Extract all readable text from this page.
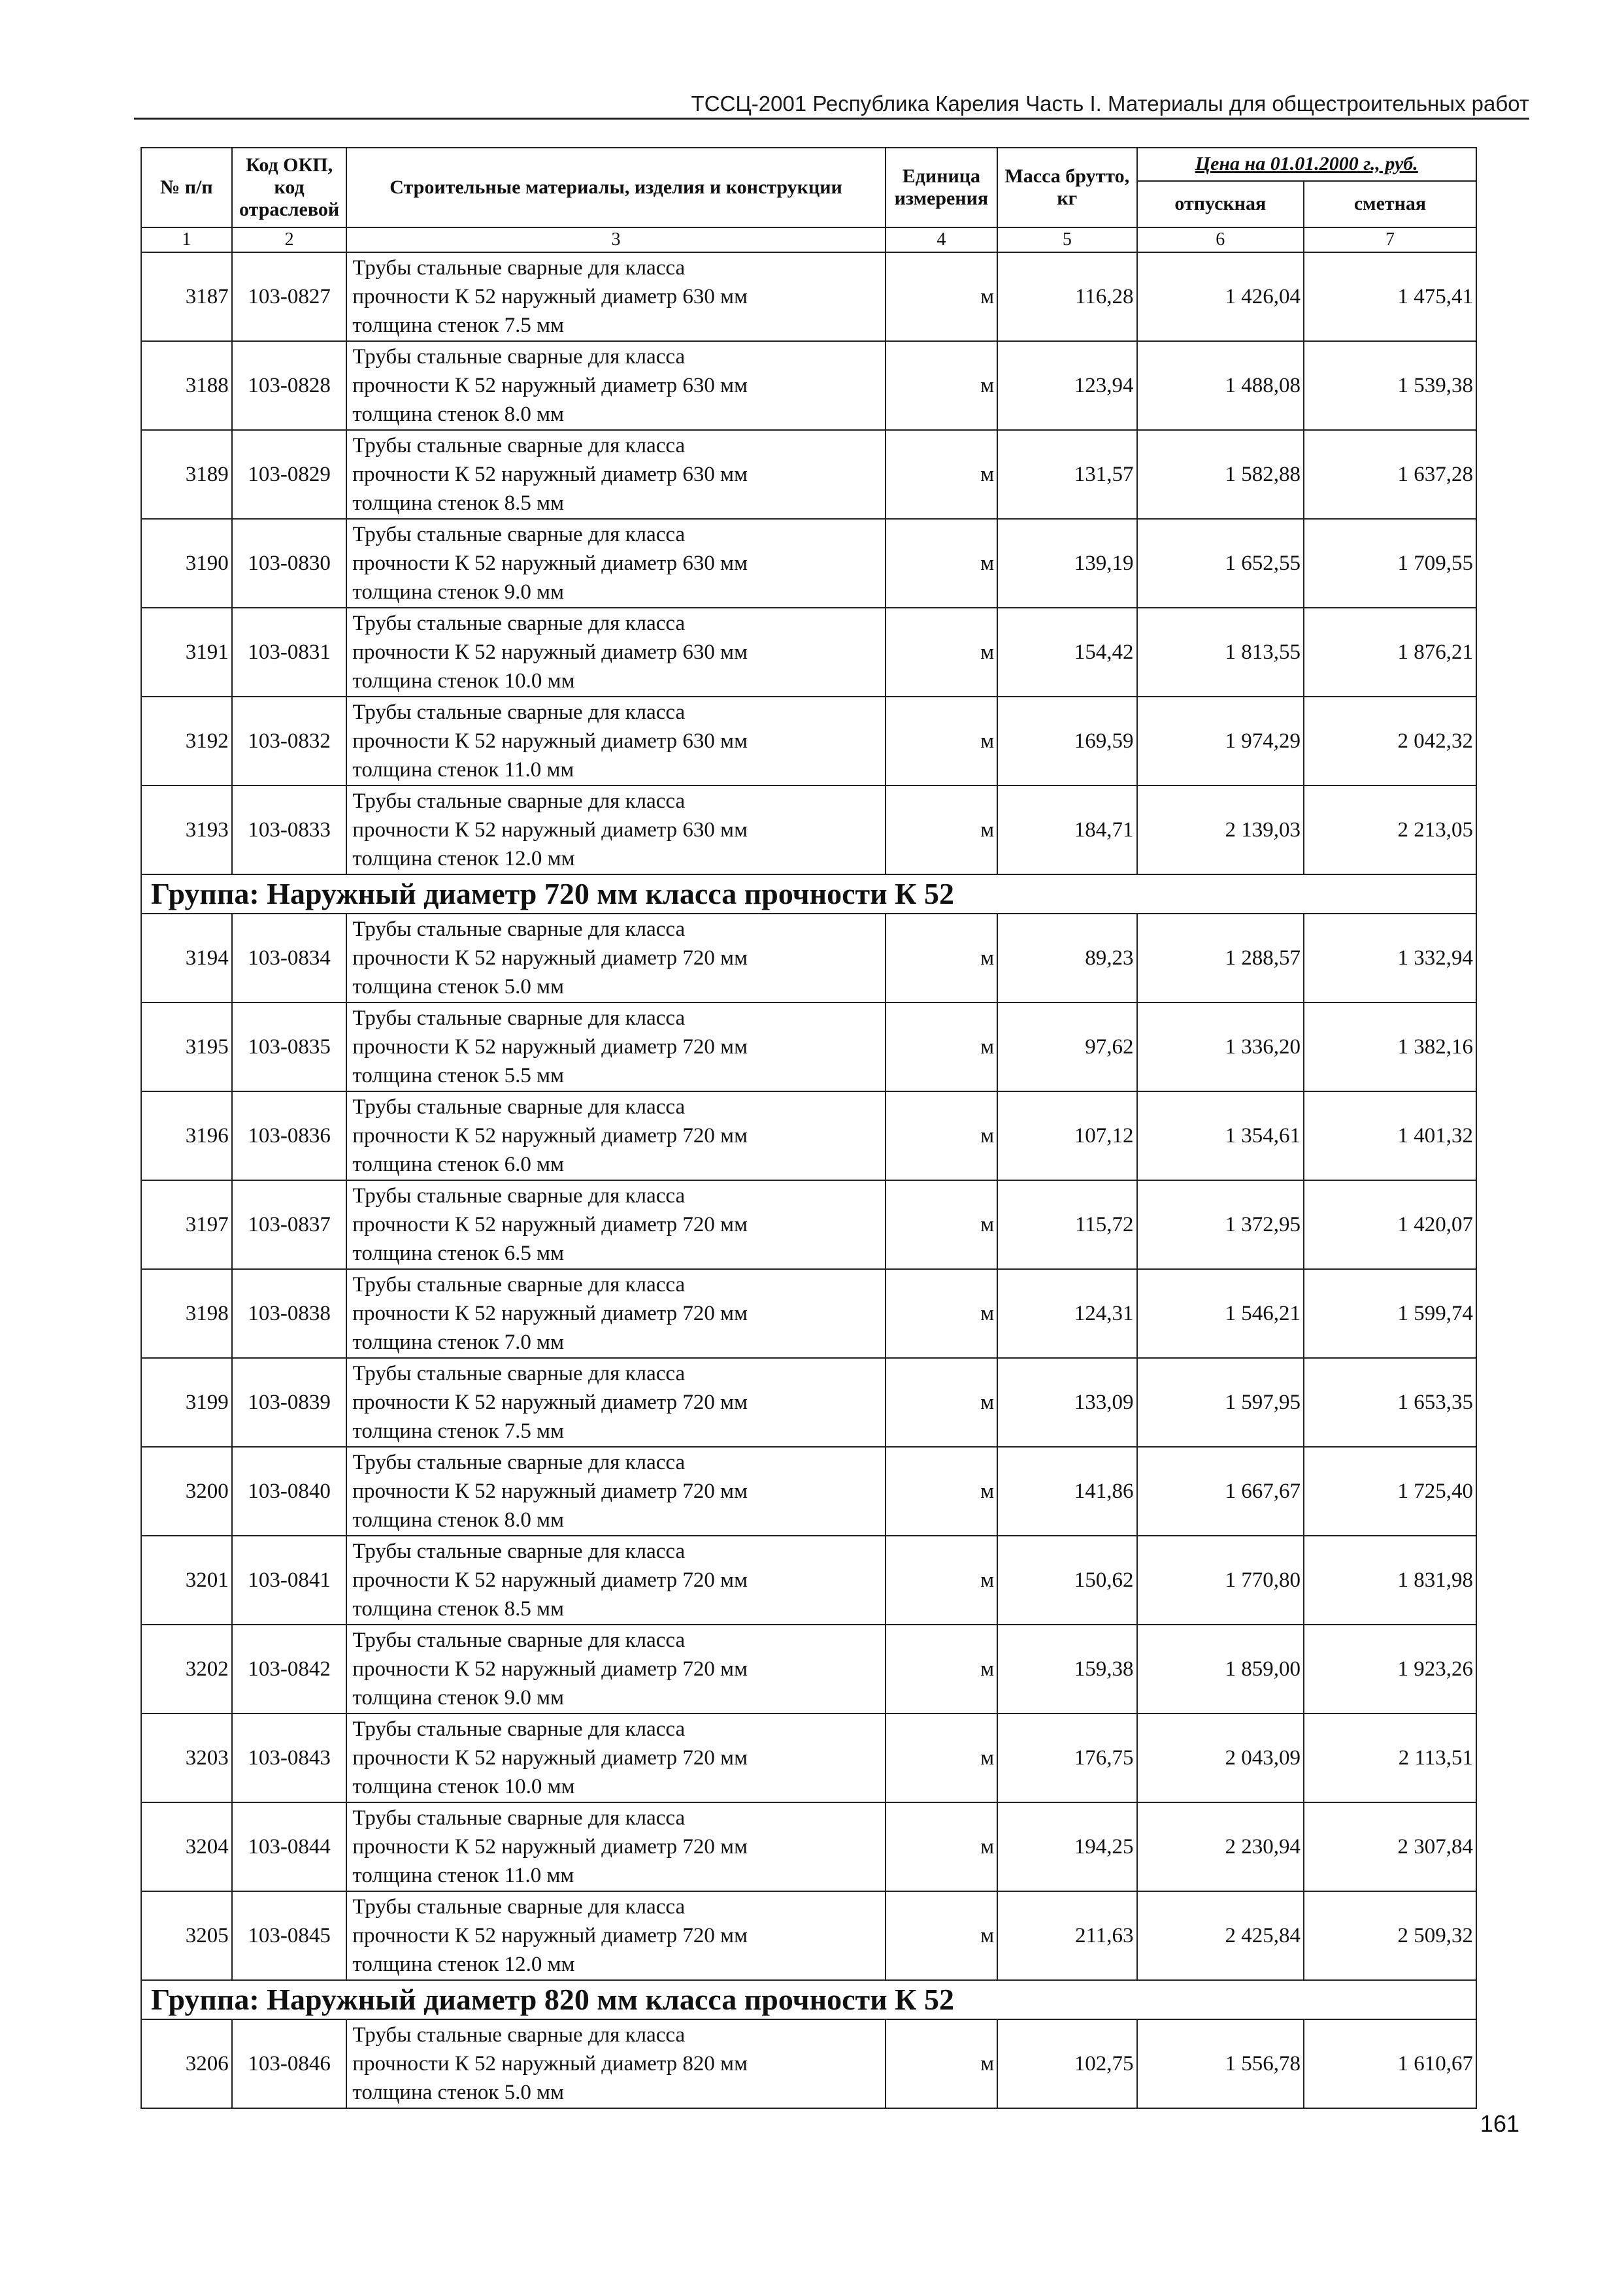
ТССЦ-2001 Республика Карелия Часть I. Материалы для общестроительных работ
№ п/п	Код ОКП, код отраслевой	Строительные материалы, изделия и конструкции	Единица измерения	Масса брутто, кг	Цена на 01.01.2000 г., руб.	
					отпускная	сметная
1	2	3	4	5	6	7
3187	103-0827	Трубы стальные сварные для класса
прочности К 52 наружный диаметр 630 мм
толщина стенок 7.5 мм	м	116,28	1 426,04	1 475,41
3188	103-0828	Трубы стальные сварные для класса
прочности К 52 наружный диаметр 630 мм
толщина стенок 8.0 мм	м	123,94	1 488,08	1 539,38
3189	103-0829	Трубы стальные сварные для класса
прочности К 52 наружный диаметр 630 мм
толщина стенок 8.5 мм	м	131,57	1 582,88	1 637,28
3190	103-0830	Трубы стальные сварные для класса
прочности К 52 наружный диаметр 630 мм
толщина стенок 9.0 мм	м	139,19	1 652,55	1 709,55
3191	103-0831	Трубы стальные сварные для класса
прочности К 52 наружный диаметр 630 мм
толщина стенок 10.0 мм	м	154,42	1 813,55	1 876,21
3192	103-0832	Трубы стальные сварные для класса
прочности К 52 наружный диаметр 630 мм
толщина стенок 11.0 мм	м	169,59	1 974,29	2 042,32
3193	103-0833	Трубы стальные сварные для класса
прочности К 52 наружный диаметр 630 мм
толщина стенок 12.0 мм	м	184,71	2 139,03	2 213,05
Группа: Наружный диаметр 720 мм класса прочности К 52						
3194	103-0834	Трубы стальные сварные для класса
прочности К 52 наружный диаметр 720 мм
толщина стенок 5.0 мм	м	89,23	1 288,57	1 332,94
3195	103-0835	Трубы стальные сварные для класса
прочности К 52 наружный диаметр 720 мм
толщина стенок 5.5 мм	м	97,62	1 336,20	1 382,16
3196	103-0836	Трубы стальные сварные для класса
прочности К 52 наружный диаметр 720 мм
толщина стенок 6.0 мм	м	107,12	1 354,61	1 401,32
3197	103-0837	Трубы стальные сварные для класса
прочности К 52 наружный диаметр 720 мм
толщина стенок 6.5 мм	м	115,72	1 372,95	1 420,07
3198	103-0838	Трубы стальные сварные для класса
прочности К 52 наружный диаметр 720 мм
толщина стенок 7.0 мм	м	124,31	1 546,21	1 599,74
3199	103-0839	Трубы стальные сварные для класса
прочности К 52 наружный диаметр 720 мм
толщина стенок 7.5 мм	м	133,09	1 597,95	1 653,35
3200	103-0840	Трубы стальные сварные для класса
прочности К 52 наружный диаметр 720 мм
толщина стенок 8.0 мм	м	141,86	1 667,67	1 725,40
3201	103-0841	Трубы стальные сварные для класса
прочности К 52 наружный диаметр 720 мм
толщина стенок 8.5 мм	м	150,62	1 770,80	1 831,98
3202	103-0842	Трубы стальные сварные для класса
прочности К 52 наружный диаметр 720 мм
толщина стенок 9.0 мм	м	159,38	1 859,00	1 923,26
3203	103-0843	Трубы стальные сварные для класса
прочности К 52 наружный диаметр 720 мм
толщина стенок 10.0 мм	м	176,75	2 043,09	2 113,51
3204	103-0844	Трубы стальные сварные для класса
прочности К 52 наружный диаметр 720 мм
толщина стенок 11.0 мм	м	194,25	2 230,94	2 307,84
3205	103-0845	Трубы стальные сварные для класса
прочности К 52 наружный диаметр 720 мм
толщина стенок 12.0 мм	м	211,63	2 425,84	2 509,32
Группа: Наружный диаметр 820 мм класса прочности К 52						
3206	103-0846	Трубы стальные сварные для класса
прочности К 52 наружный диаметр 820 мм
толщина стенок 5.0 мм	м	102,75	1 556,78	1 610,67
161
